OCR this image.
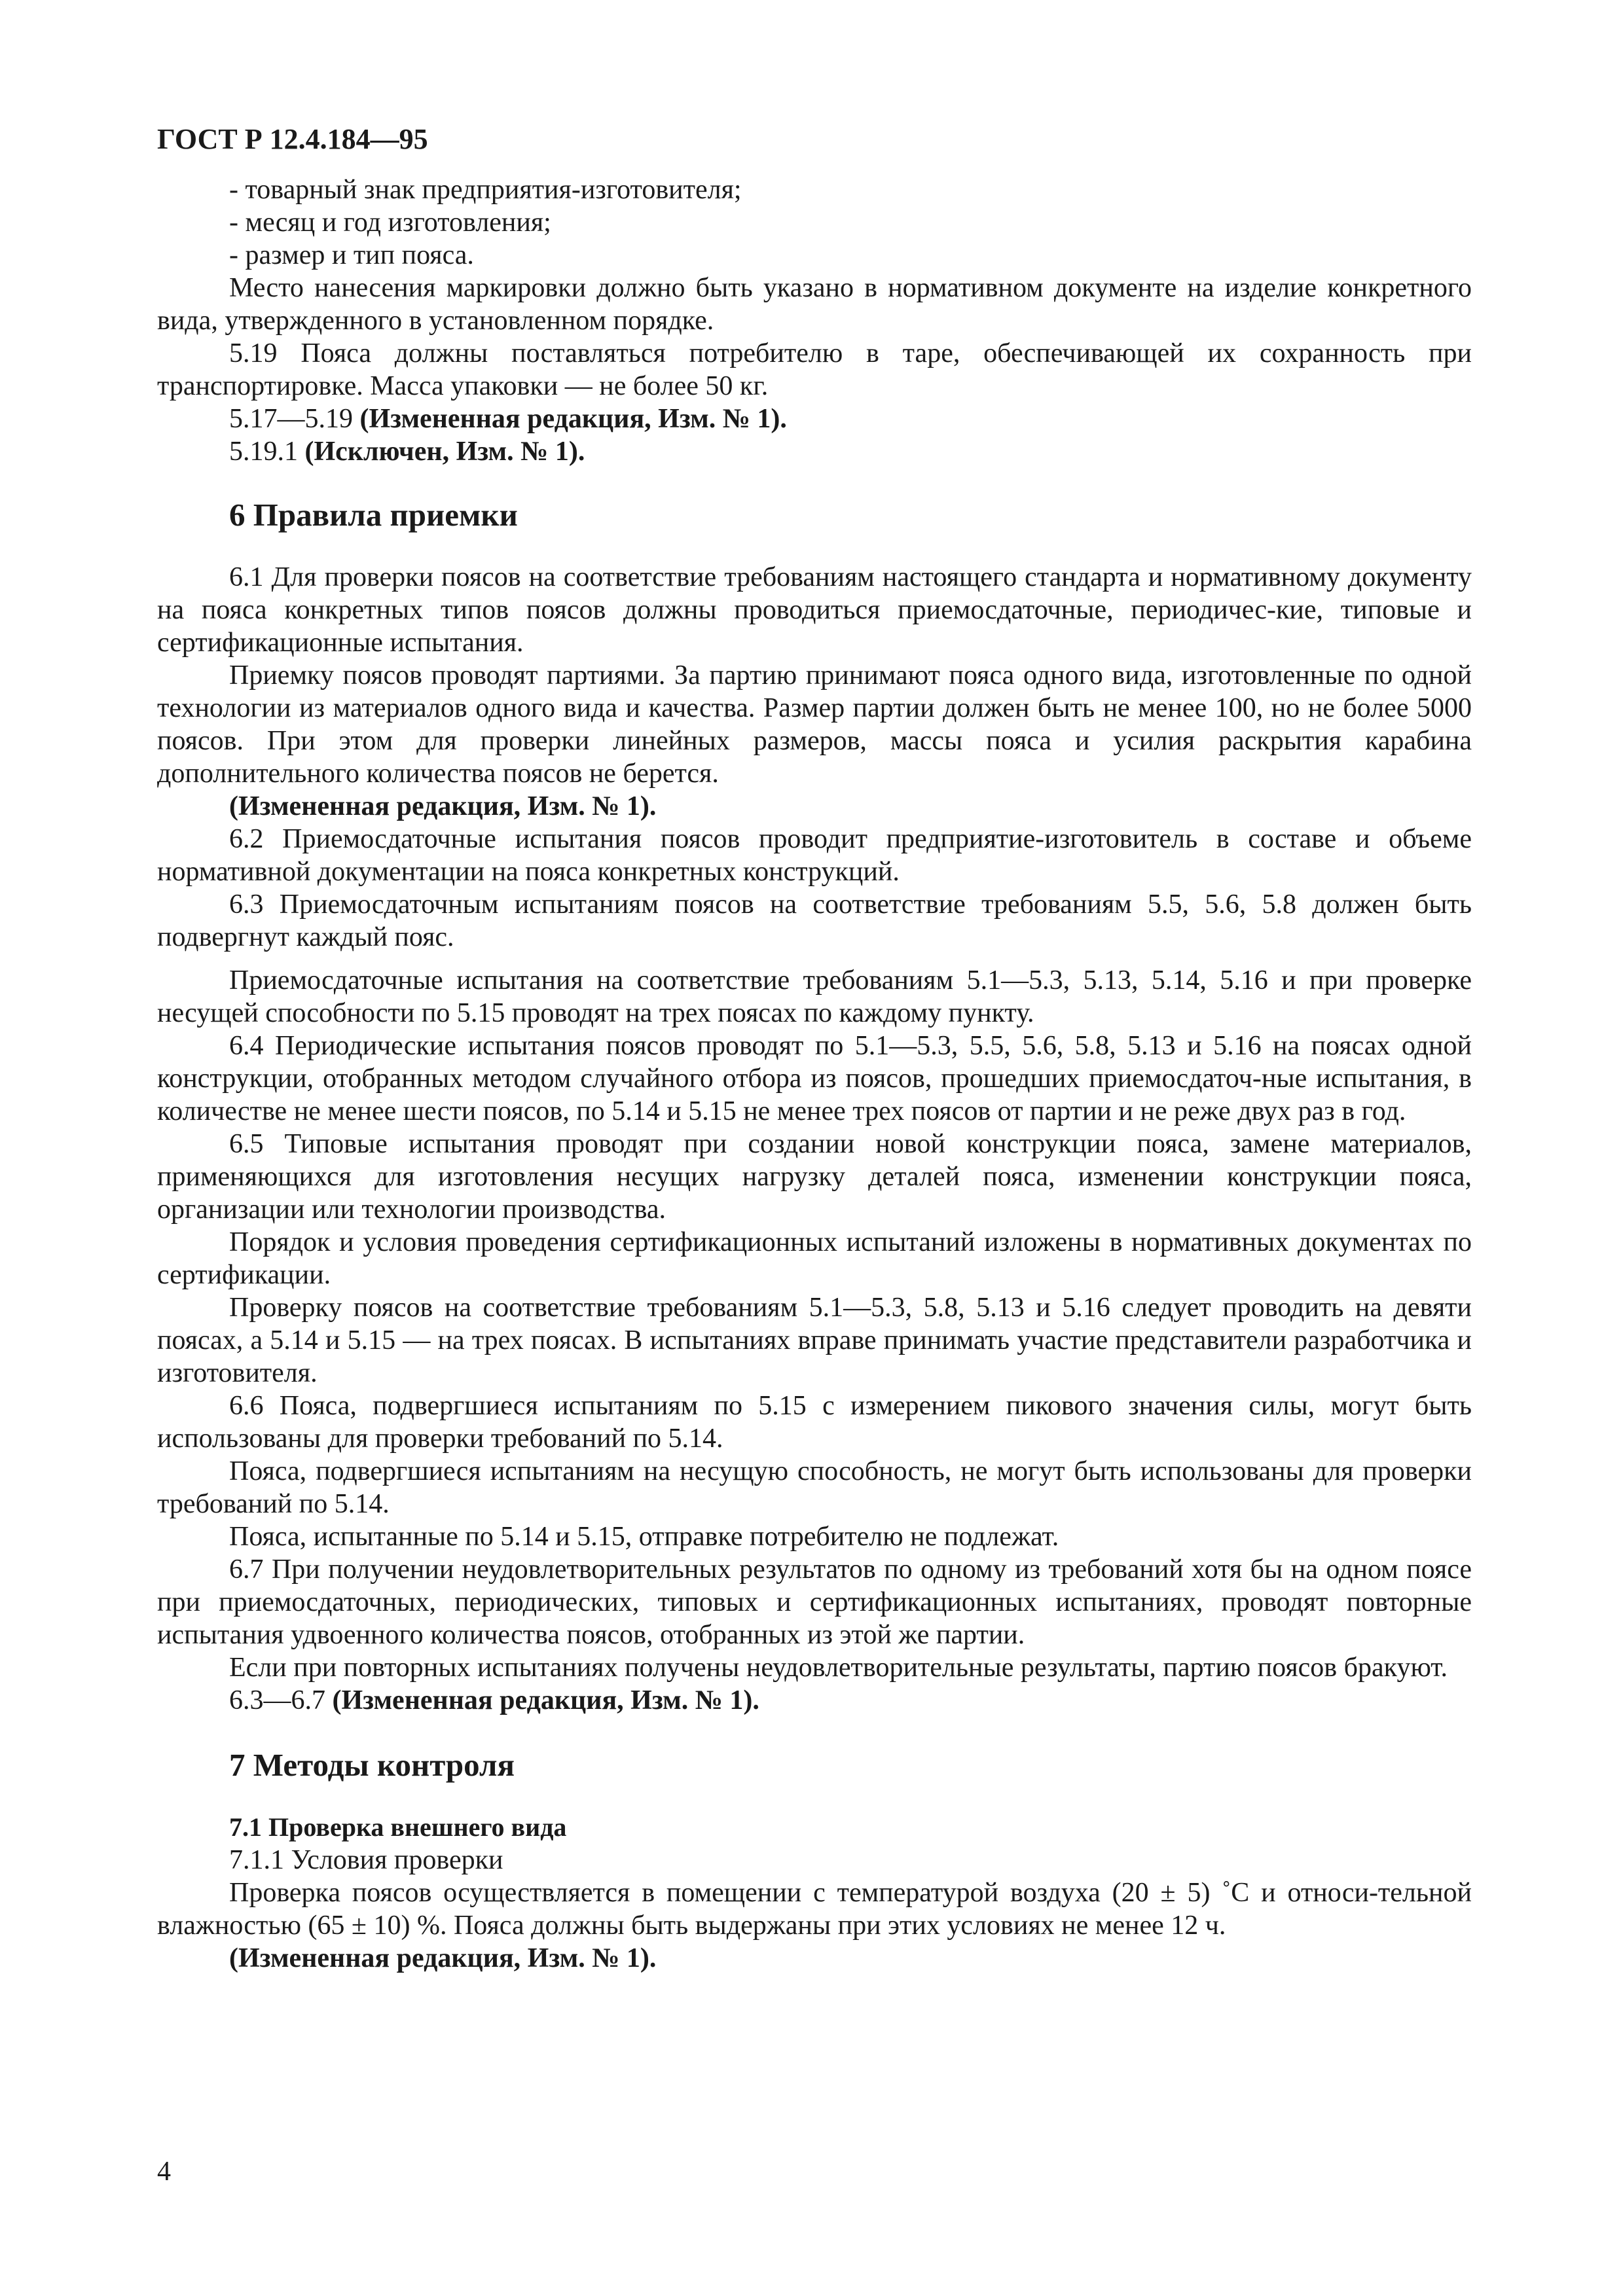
ГОСТ Р 12.4.184—95

- товарный знак предприятия-изготовителя;

- месяц и год изготовления;

- размер и тип пояса.

Место нанесения маркировки должно быть указано в нормативном документе на изделие конкретного вида, утвержденного в установленном порядке.

5.19 Пояса должны поставляться потребителю в таре, обеспечивающей их сохранность при транспортировке. Масса упаковки — не более 50 кг.

5.17—5.19 (Измененная редакция, Изм. № 1).

5.19.1 (Исключен, Изм. № 1).

6 Правила приемки

6.1 Для проверки поясов на соответствие требованиям настоящего стандарта и нормативному документу на пояса конкретных типов поясов должны проводиться приемосдаточные, периодичес-кие, типовые и сертификационные испытания.

Приемку поясов проводят партиями. За партию принимают пояса одного вида, изготовленные по одной технологии из материалов одного вида и качества. Размер партии должен быть не менее 100, но не более 5000 поясов. При этом для проверки линейных размеров, массы пояса и усилия раскрытия карабина дополнительного количества поясов не берется.

(Измененная редакция, Изм. № 1).

6.2 Приемосдаточные испытания поясов проводит предприятие-изготовитель в составе и объеме нормативной документации на пояса конкретных конструкций.

6.3 Приемосдаточным испытаниям поясов на соответствие требованиям 5.5, 5.6, 5.8 должен быть подвергнут каждый пояс.

Приемосдаточные испытания на соответствие требованиям 5.1—5.3, 5.13, 5.14, 5.16 и при проверке несущей способности по 5.15 проводят на трех поясах по каждому пункту.

6.4 Периодические испытания поясов проводят по 5.1—5.3, 5.5, 5.6, 5.8, 5.13 и 5.16 на поясах одной конструкции, отобранных методом случайного отбора из поясов, прошедших приемосдаточ-ные испытания, в количестве не менее шести поясов, по 5.14 и 5.15 не менее трех поясов от партии и не реже двух раз в год.

6.5 Типовые испытания проводят при создании новой конструкции пояса, замене материалов, применяющихся для изготовления несущих нагрузку деталей пояса, изменении конструкции пояса, организации или технологии производства.

Порядок и условия проведения сертификационных испытаний изложены в нормативных документах по сертификации.

Проверку поясов на соответствие требованиям 5.1—5.3, 5.8, 5.13 и 5.16 следует проводить на девяти поясах, а 5.14 и 5.15 — на трех поясах. В испытаниях вправе принимать участие представители разработчика и изготовителя.

6.6 Пояса, подвергшиеся испытаниям по 5.15 с измерением пикового значения силы, могут быть использованы для проверки требований по 5.14.

Пояса, подвергшиеся испытаниям на несущую способность, не могут быть использованы для проверки требований по 5.14.

Пояса, испытанные по 5.14 и 5.15, отправке потребителю не подлежат.

6.7 При получении неудовлетворительных результатов по одному из требований хотя бы на одном поясе при приемосдаточных, периодических, типовых и сертификационных испытаниях, проводят повторные испытания удвоенного количества поясов, отобранных из этой же партии.

Если при повторных испытаниях получены неудовлетворительные результаты, партию поясов бракуют.

6.3—6.7 (Измененная редакция, Изм. № 1).

7 Методы контроля
7.1 Проверка внешнего вида

7.1.1 Условия проверки

Проверка поясов осуществляется в помещении с температурой воздуха (20 ± 5) ˚С и относи-тельной влажностью (65 ± 10) %. Пояса должны быть выдержаны при этих условиях не менее 12 ч.

(Измененная редакция, Изм. № 1).

4
